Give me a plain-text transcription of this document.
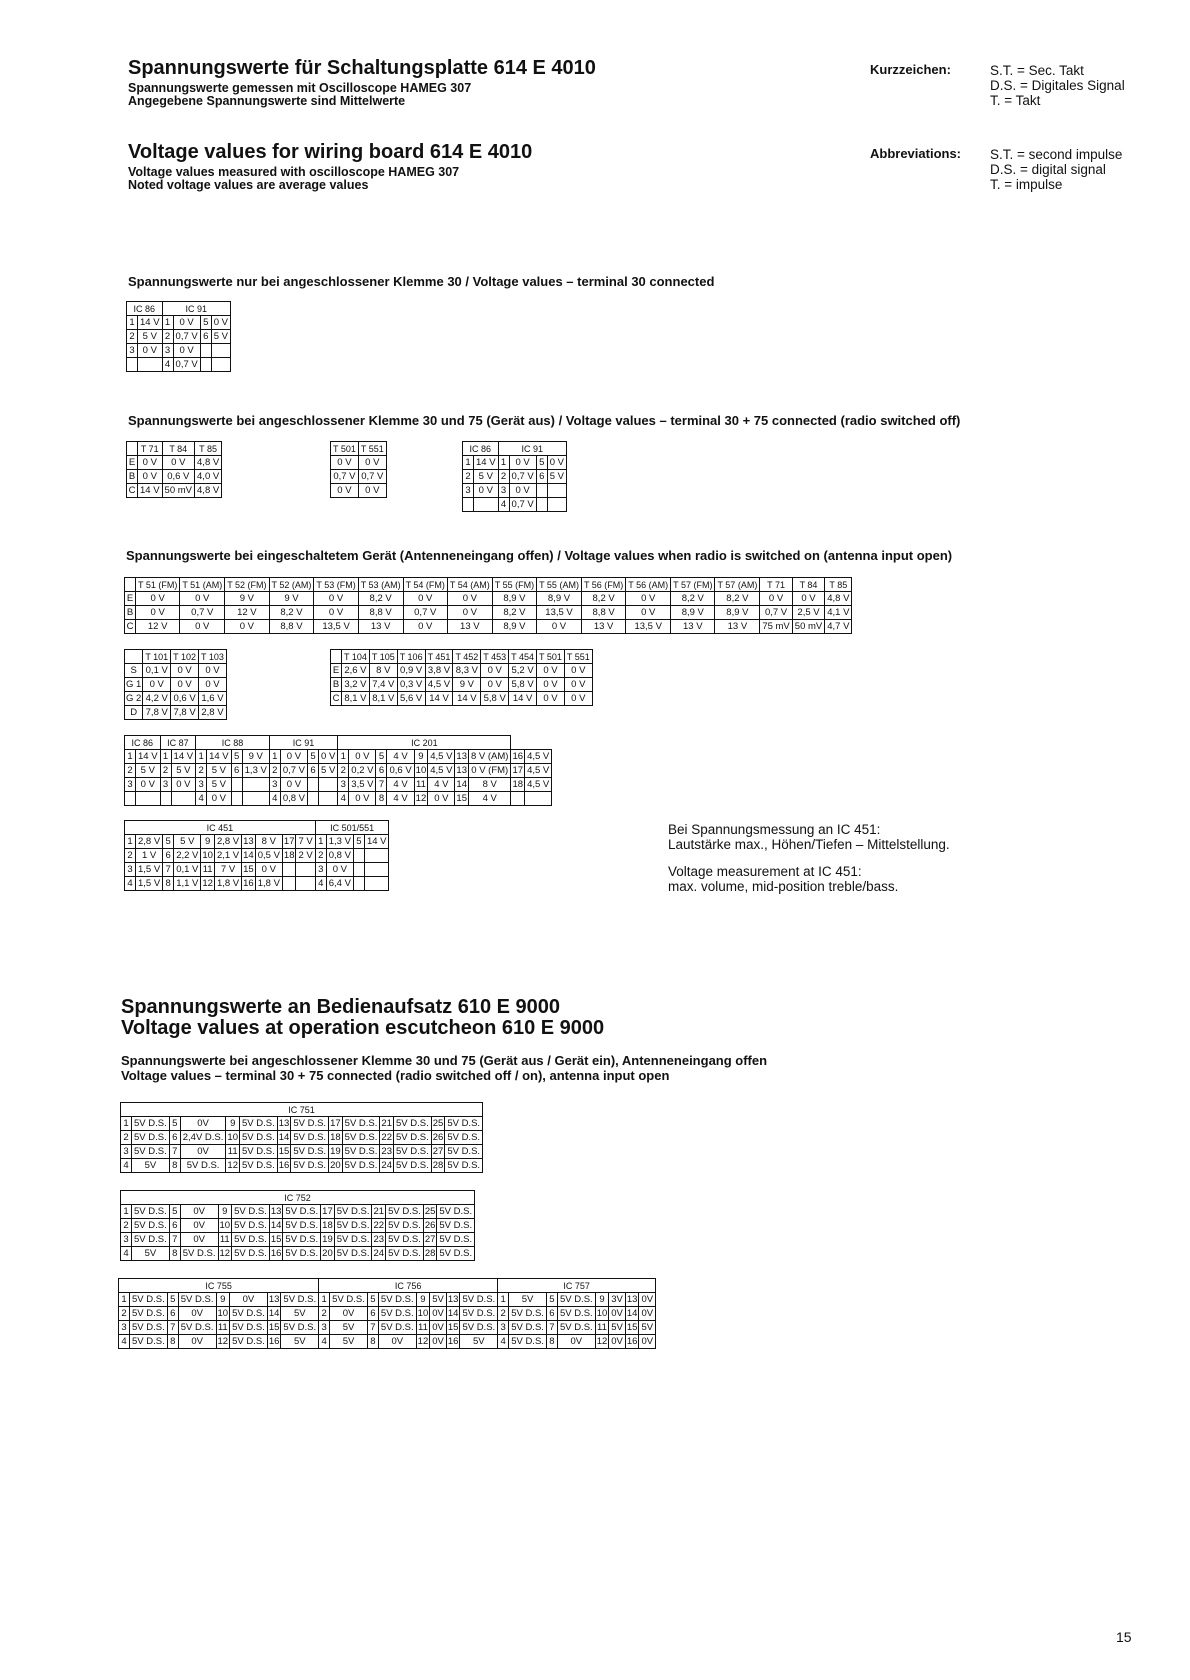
Spannungswerte für Schaltungsplatte 614 E 4010
Spannungswerte gemessen mit Oscilloscope HAMEG 307
Angegebene Spannungswerte sind Mittelwerte
Kurzzeichen:	S.T. = Sec. Takt
D.S. = Digitales Signal
T. = Takt
Voltage values for wiring board 614 E 4010
Voltage values measured with oscilloscope HAMEG 307
Noted voltage values are average values
Abbreviations: S.T. = second impulse
D.S. = digital signal
T. = impulse
Spannungswerte nur bei angeschlossener Klemme 30 / Voltage values – terminal 30 connected
IC 86		IC 91			
1	14 V	1	0 V	5	0 V
2	5 V	2	0,7 V	6	5 V
3	0 V	3	0 V		
		4	0,7 V		
Spannungswerte bei angeschlossener Klemme 30 und 75 (Gerät aus) / Voltage values – terminal 30 + 75 connected (radio switched off)
	T 71	T 84	T 85
E	0 V	0 V	4,8 V
B	0 V	0,6 V	4,0 V
C	14 V	50 mV	4,8 V
T 501	T 551
0 V	0 V
0,7 V	0,7 V
0 V	0 V
IC 86		IC 91			
1	14 V	1	0 V	5	0 V
2	5 V	2	0,7 V	6	5 V
3	0 V	3	0 V		
		4	0,7 V		
Spannungswerte bei eingeschaltetem Gerät (Antenneneingang offen) / Voltage values when radio is switched on (antenna input open)
	T 51 (FM)	T 51 (AM)	T 52 (FM)	T 52 (AM)	T 53 (FM)	T 53 (AM)	T 54 (FM)	T 54 (AM)	T 55 (FM)	T 55 (AM)	T 56 (FM)	T 56 (AM)	T 57 (FM)	T 57 (AM)	T 71	T 84	T 85
E	0 V	0 V	9 V	9 V	0 V	8,2 V	0 V	0 V	8,9 V	8,9 V	8,2 V	0 V	8,2 V	8,2 V	0 V	0 V	4,8 V
B	0 V	0,7 V	12 V	8,2 V	0 V	8,8 V	0,7 V	0 V	8,2 V	13,5 V	8,8 V	0 V	8,9 V	8,9 V	0,7 V	2,5 V	4,1 V
C	12 V	0 V	0 V	8,8 V	13,5 V	13 V	0 V	13 V	8,9 V	0 V	13 V	13,5 V	13 V	13 V	75 mV	50 mV	4,7 V
	T 101	T 102	T 103
S	0,1 V	0 V	0 V
G 1	0 V	0 V	0 V
G 2	4,2 V	0,6 V	1,6 V
D	7,8 V	7,8 V	2,8 V
	T 104	T 105	T 106	T 451	T 452	T 453	T 454	T 501	T 551
E	2,6 V	8 V	0,9 V	3,8 V	8,3 V	0 V	5,2 V	0 V	0 V
B	3,2 V	7,4 V	0,3 V	4,5 V	9 V	0 V	5,8 V	0 V	0 V
C	8,1 V	8,1 V	5,6 V	14 V	14 V	5,8 V	14 V	0 V	0 V
IC 86		IC 87		IC 88				IC 91				IC 201									
1	14 V	1	14 V	1	14 V	5	9 V	1	0 V	5	0 V	1	0 V	5	4 V	9	4,5 V	13	8 V (AM)	16	4,5 V
2	5 V	2	5 V	2	5 V	6	1,3 V	2	0,7 V	6	5 V	2	0,2 V	6	0,6 V	10	4,5 V	13	0 V (FM)	17	4,5 V
3	0 V	3	0 V	3	5 V			3	0 V			3	3,5 V	7	4 V	11	4 V	14	8 V	18	4,5 V
				4	0 V			4	0,8 V			4	0 V	8	4 V	12	0 V	15	4 V		
IC 451										IC 501/551			
1	2,8 V	5	5 V	9	2,8 V	13	8 V	17	7 V	1	1,3 V	5	14 V
2	1 V	6	2,2 V	10	2,1 V	14	0,5 V	18	2 V	2	0,8 V		
3	1,5 V	7	0,1 V	11	7 V	15	0 V			3	0 V		
4	1,5 V	8	1,1 V	12	1,8 V	16	1,8 V			4	6,4 V		
Bei Spannungsmessung an IC 451:
Lautstärke max., Höhen/Tiefen – Mittelstellung.
Voltage measurement at IC 451:
max. volume, mid-position treble/bass.
Spannungswerte an Bedienaufsatz 610 E 9000
Voltage values at operation escutcheon 610 E 9000
Spannungswerte bei angeschlossener Klemme 30 und 75 (Gerät aus / Gerät ein), Antenneneingang offen
Voltage values – terminal 30 + 75 connected (radio switched off / on), antenna input open
IC 751													
1	5V D.S.	5	0V	9	5V D.S.	13	5V D.S.	17	5V D.S.	21	5V D.S.	25	5V D.S.
2	5V D.S.	6	2,4V D.S.	10	5V D.S.	14	5V D.S.	18	5V D.S.	22	5V D.S.	26	5V D.S.
3	5V D.S.	7	0V	11	5V D.S.	15	5V D.S.	19	5V D.S.	23	5V D.S.	27	5V D.S.
4	5V	8	5V D.S.	12	5V D.S.	16	5V D.S.	20	5V D.S.	24	5V D.S.	28	5V D.S.
IC 752													
1	5V D.S.	5	0V	9	5V D.S.	13	5V D.S.	17	5V D.S.	21	5V D.S.	25	5V D.S.
2	5V D.S.	6	0V	10	5V D.S.	14	5V D.S.	18	5V D.S.	22	5V D.S.	26	5V D.S.
3	5V D.S.	7	0V	11	5V D.S.	15	5V D.S.	19	5V D.S.	23	5V D.S.	27	5V D.S.
4	5V	8	5V D.S.	12	5V D.S.	16	5V D.S.	20	5V D.S.	24	5V D.S.	28	5V D.S.
IC 755								IC 756								IC 757							
1	5V D.S.	5	5V D.S.	9	0V	13	5V D.S.	1	5V D.S.	5	5V D.S.	9	5V	13	5V D.S.	1	5V	5	5V D.S.	9	3V	13	0V
2	5V D.S.	6	0V	10	5V D.S.	14	5V	2	0V	6	5V D.S.	10	0V	14	5V D.S.	2	5V D.S.	6	5V D.S.	10	0V	14	0V
3	5V D.S.	7	5V D.S.	11	5V D.S.	15	5V D.S.	3	5V	7	5V D.S.	11	0V	15	5V D.S.	3	5V D.S.	7	5V D.S.	11	5V	15	5V
4	5V D.S.	8	0V	12	5V D.S.	16	5V	4	5V	8	0V	12	0V	16	5V	4	5V D.S.	8	0V	12	0V	16	0V
15
